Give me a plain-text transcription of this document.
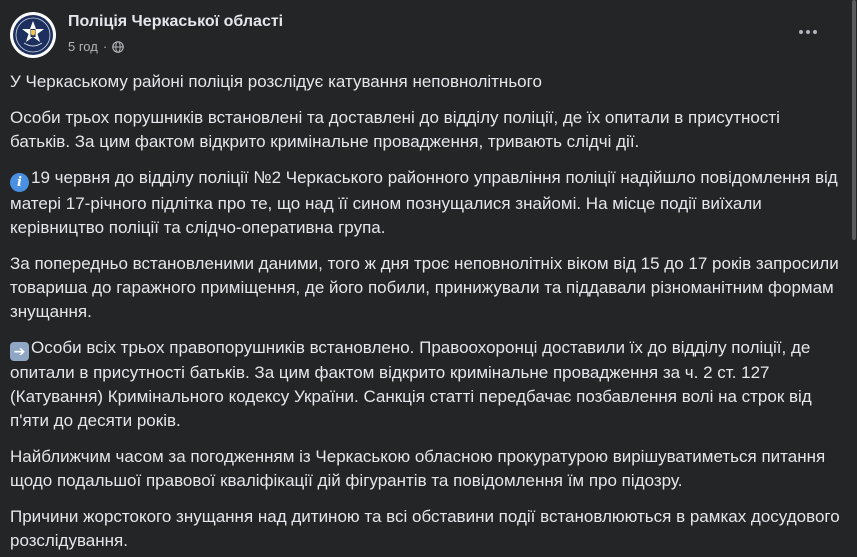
Поліція Черкаської області
5 год ·

У Черкаському районі поліція розслідує катування неповнолітнього

Особи трьох порушників встановлені та доставлені до відділу поліції, де їх опитали в присутності батьків. За цим фактом відкрито кримінальне провадження, тривають слідчі дії.

i 19 червня до відділу поліції №2 Черкаського районного управління поліції надійшло повідомлення від матері 17-річного підлітка про те, що над її сином познущалися знайомі. На місце події виїхали керівництво поліції та слідчо-оперативна група.

За попередньо встановленими даними, того ж дня троє неповнолітніх віком від 15 до 17 років запросили товариша до гаражного приміщення, де його побили, принижували та піддавали різноманітним формам знущання.

➔ Особи всіх трьох правопорушників встановлено. Правоохоронці доставили їх до відділу поліції, де опитали в присутності батьків. За цим фактом відкрито кримінальне провадження за ч. 2 ст. 127 (Катування) Кримінального кодексу України. Санкція статті передбачає позбавлення волі на строк від п'яти до десяти років.

Найближчим часом за погодженням із Черкаською обласною прокуратурою вирішуватиметься питання щодо подальшої правової кваліфікації дій фігурантів та повідомлення їм про підозру.

Причини жорстокого знущання над дитиною та всі обставини події встановлюються в рамках досудового розслідування.
